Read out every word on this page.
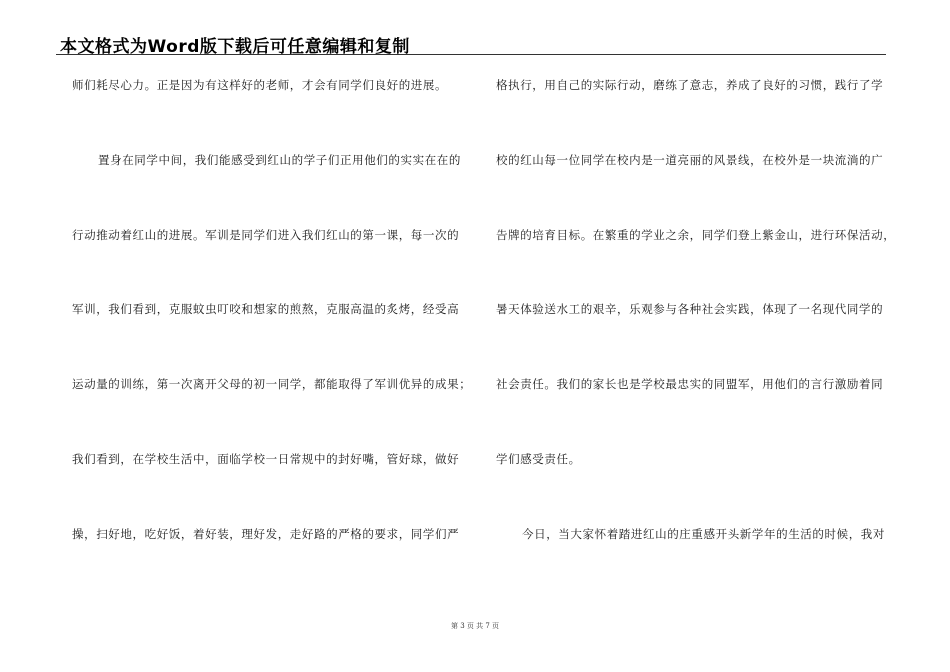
本文格式为Word版下载后可任意编辑和复制
师们耗尽心力。正是因为有这样好的老师，才会有同学们良好的进展。
置身在同学中间，我们能感受到红山的学子们正用他们的实实在在的
行动推动着红山的进展。军训是同学们进入我们红山的第一课，每一次的
军训，我们看到，克服蚊虫叮咬和想家的煎熬，克服高温的炙烤，经受高
运动量的训练，第一次离开父母的初一同学，都能取得了军训优异的成果；
我们看到，在学校生活中，面临学校一日常规中的封好嘴，管好球，做好
操，扫好地，吃好饭，着好装，理好发，走好路的严格的要求，同学们严
格执行，用自己的实际行动，磨练了意志，养成了良好的习惯，践行了学
校的红山每一位同学在校内是一道亮丽的风景线，在校外是一块流淌的广
告牌的培育目标。在繁重的学业之余，同学们登上紫金山，进行环保活动，
暑天体验送水工的艰辛，乐观参与各种社会实践，体现了一名现代同学的
社会责任。我们的家长也是学校最忠实的同盟军，用他们的言行激励着同
学们感受责任。
今日，当大家怀着踏进红山的庄重感开头新学年的生活的时候，我对
第 3 页 共 7 页
